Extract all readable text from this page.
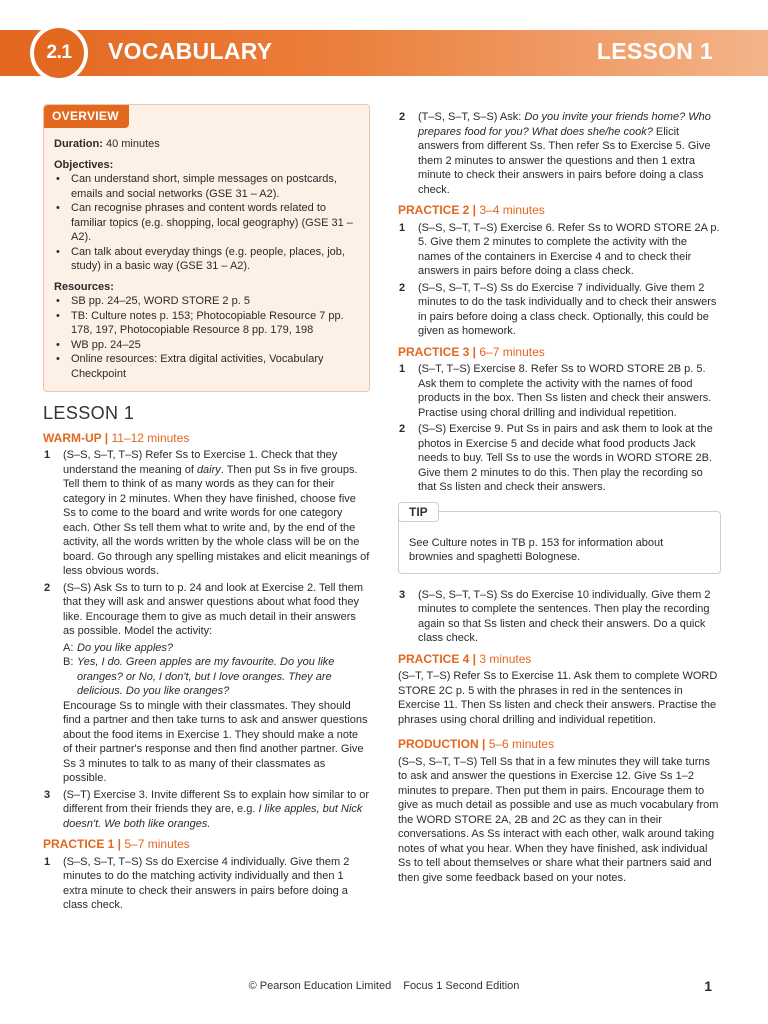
2.1	VOCABULARY	LESSON 1
OVERVIEW
Duration: 40 minutes
Objectives:
• Can understand short, simple messages on postcards, emails and social networks (GSE 31 – A2).
• Can recognise phrases and content words related to familiar topics (e.g. shopping, local geography) (GSE 31 – A2).
• Can talk about everyday things (e.g. people, places, job, study) in a basic way (GSE 31 – A2).
Resources:
• SB pp. 24–25, WORD STORE 2 p. 5
• TB: Culture notes p. 153; Photocopiable Resource 7 pp. 178, 197, Photocopiable Resource 8 pp. 179, 198
• WB pp. 24–25
• Online resources: Extra digital activities, Vocabulary Checkpoint
LESSON 1
WARM-UP | 11–12 minutes
1 (S–S, S–T, T–S) Refer Ss to Exercise 1. Check that they understand the meaning of dairy. Then put Ss in five groups. Tell them to think of as many words as they can for their category in 2 minutes. When they have finished, choose five Ss to come to the board and write words for one category each. Other Ss tell them what to write and, by the end of the activity, all the words written by the whole class will be on the board. Go through any spelling mistakes and elicit meanings of less obvious words.
2 (S–S) Ask Ss to turn to p. 24 and look at Exercise 2. Tell them that they will ask and answer questions about what food they like. Encourage them to give as much detail in their answers as possible. Model the activity:
A: Do you like apples?
B: Yes, I do. Green apples are my favourite. Do you like oranges? or No, I don't, but I love oranges. They are delicious. Do you like oranges?
Encourage Ss to mingle with their classmates. They should find a partner and then take turns to ask and answer questions about the food items in Exercise 1. They should make a note of their partner's response and then find another partner. Give Ss 3 minutes to talk to as many of their classmates as possible.
3 (S–T) Exercise 3. Invite different Ss to explain how similar to or different from their friends they are, e.g. I like apples, but Nick doesn't. We both like oranges.
PRACTICE 1 | 5–7 minutes
1 (S–S, S–T, T–S) Ss do Exercise 4 individually. Give them 2 minutes to do the matching activity individually and then 1 extra minute to check their answers in pairs before doing a class check.
2 (T–S, S–T, S–S) Ask: Do you invite your friends home? Who prepares food for you? What does she/he cook? Elicit answers from different Ss. Then refer Ss to Exercise 5. Give them 2 minutes to answer the questions and then 1 extra minute to check their answers in pairs before doing a class check.
PRACTICE 2 | 3–4 minutes
1 (S–S, S–T, T–S) Exercise 6. Refer Ss to WORD STORE 2A p. 5. Give them 2 minutes to complete the activity with the names of the containers in Exercise 4 and to check their answers in pairs before doing a class check.
2 (S–S, S–T, T–S) Ss do Exercise 7 individually. Give them 2 minutes to do the task individually and to check their answers in pairs before doing a class check. Optionally, this could be given as homework.
PRACTICE 3 | 6–7 minutes
1 (S–T, T–S) Exercise 8. Refer Ss to WORD STORE 2B p. 5. Ask them to complete the activity with the names of food products in the box. Then Ss listen and check their answers. Practise using choral drilling and individual repetition.
2 (S–S) Exercise 9. Put Ss in pairs and ask them to look at the photos in Exercise 5 and decide what food products Jack needs to buy. Tell Ss to use the words in WORD STORE 2B. Give them 2 minutes to do this. Then play the recording so that Ss listen and check their answers.
TIP
See Culture notes in TB p. 153 for information about brownies and spaghetti Bolognese.
3 (S–S, S–T, T–S) Ss do Exercise 10 individually. Give them 2 minutes to complete the sentences. Then play the recording again so that Ss listen and check their answers. Do a quick class check.
PRACTICE 4 | 3 minutes
(S–T, T–S) Refer Ss to Exercise 11. Ask them to complete WORD STORE 2C p. 5 with the phrases in red in the sentences in Exercise 11. Then Ss listen and check their answers. Practise the phrases using choral drilling and individual repetition.
PRODUCTION | 5–6 minutes
(S–S, S–T, T–S) Tell Ss that in a few minutes they will take turns to ask and answer the questions in Exercise 12. Give Ss 1–2 minutes to prepare. Then put them in pairs. Encourage them to give as much detail as possible and use as much vocabulary from the WORD STORE 2A, 2B and 2C as they can in their conversations. As Ss interact with each other, walk around taking notes of what you hear. When they have finished, ask individual Ss to tell about themselves or share what their partners said and then give some feedback based on your notes.
© Pearson Education Limited Focus 1 Second Edition	1
